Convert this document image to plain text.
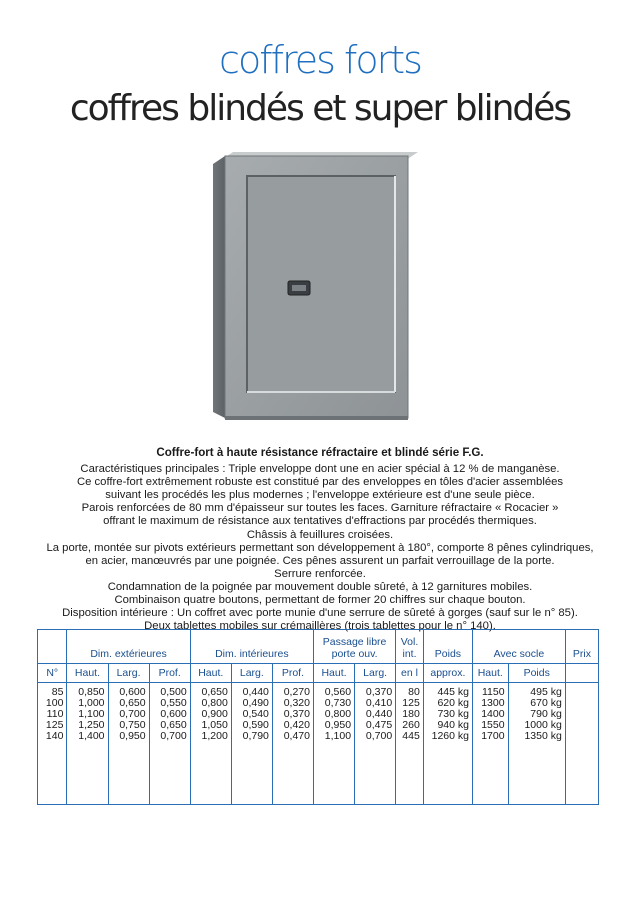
coffres forts
coffres blindés et super blindés
Coffre-fort à haute résistance réfractaire et blindé série F.G.
Caractéristiques principales : Triple enveloppe dont une en acier spécial à 12 % de manganèse.
Ce coffre-fort extrêmement robuste est constitué par des enveloppes en tôles d'acier assemblées
suivant les procédés les plus modernes ; l'enveloppe extérieure est d'une seule pièce.
Parois renforcées de 80 mm d'épaisseur sur toutes les faces. Garniture réfractaire « Rocacier »
offrant le maximum de résistance aux tentatives d'effractions par procédés thermiques.
Châssis à feuillures croisées.
La porte, montée sur pivots extérieurs permettant son développement à 180°, comporte 8 pênes cylindriques,
en acier, manœuvrés par une poignée. Ces pênes assurent un parfait verrouillage de la porte.
Serrure renforcée.
Condamnation de la poignée par mouvement double sûreté, à 12 garnitures mobiles.
Combinaison quatre boutons, permettant de former 20 chiffres sur chaque bouton.
Disposition intérieure : Un coffret avec porte munie d'une serrure de sûreté à gorges (sauf sur le n° 85).
Deux tablettes mobiles sur crémaillères (trois tablettes pour le n° 140).
	Dim. extérieures			Dim. intérieures			Passage libre porte ouv.		Vol. int.	Poids	Avec socle		Prix
N°	Haut.	Larg.	Prof.	Haut.	Larg.	Prof.	Haut.	Larg.	en l	approx.	Haut.	Poids	
85	0,850	0,600	0,500	0,650	0,440	0,270	0,560	0,370	80	445 kg	1150	495 kg	
100	1,000	0,650	0,550	0,800	0,490	0,320	0,730	0,410	125	620 kg	1300	670 kg	
110	1,100	0,700	0,600	0,900	0,540	0,370	0,800	0,440	180	730 kg	1400	790 kg	
125	1,250	0,750	0,650	1,050	0,590	0,420	0,950	0,475	260	940 kg	1550	1000 kg	
140	1,400	0,950	0,700	1,200	0,790	0,470	1,100	0,700	445	1260 kg	1700	1350 kg	
